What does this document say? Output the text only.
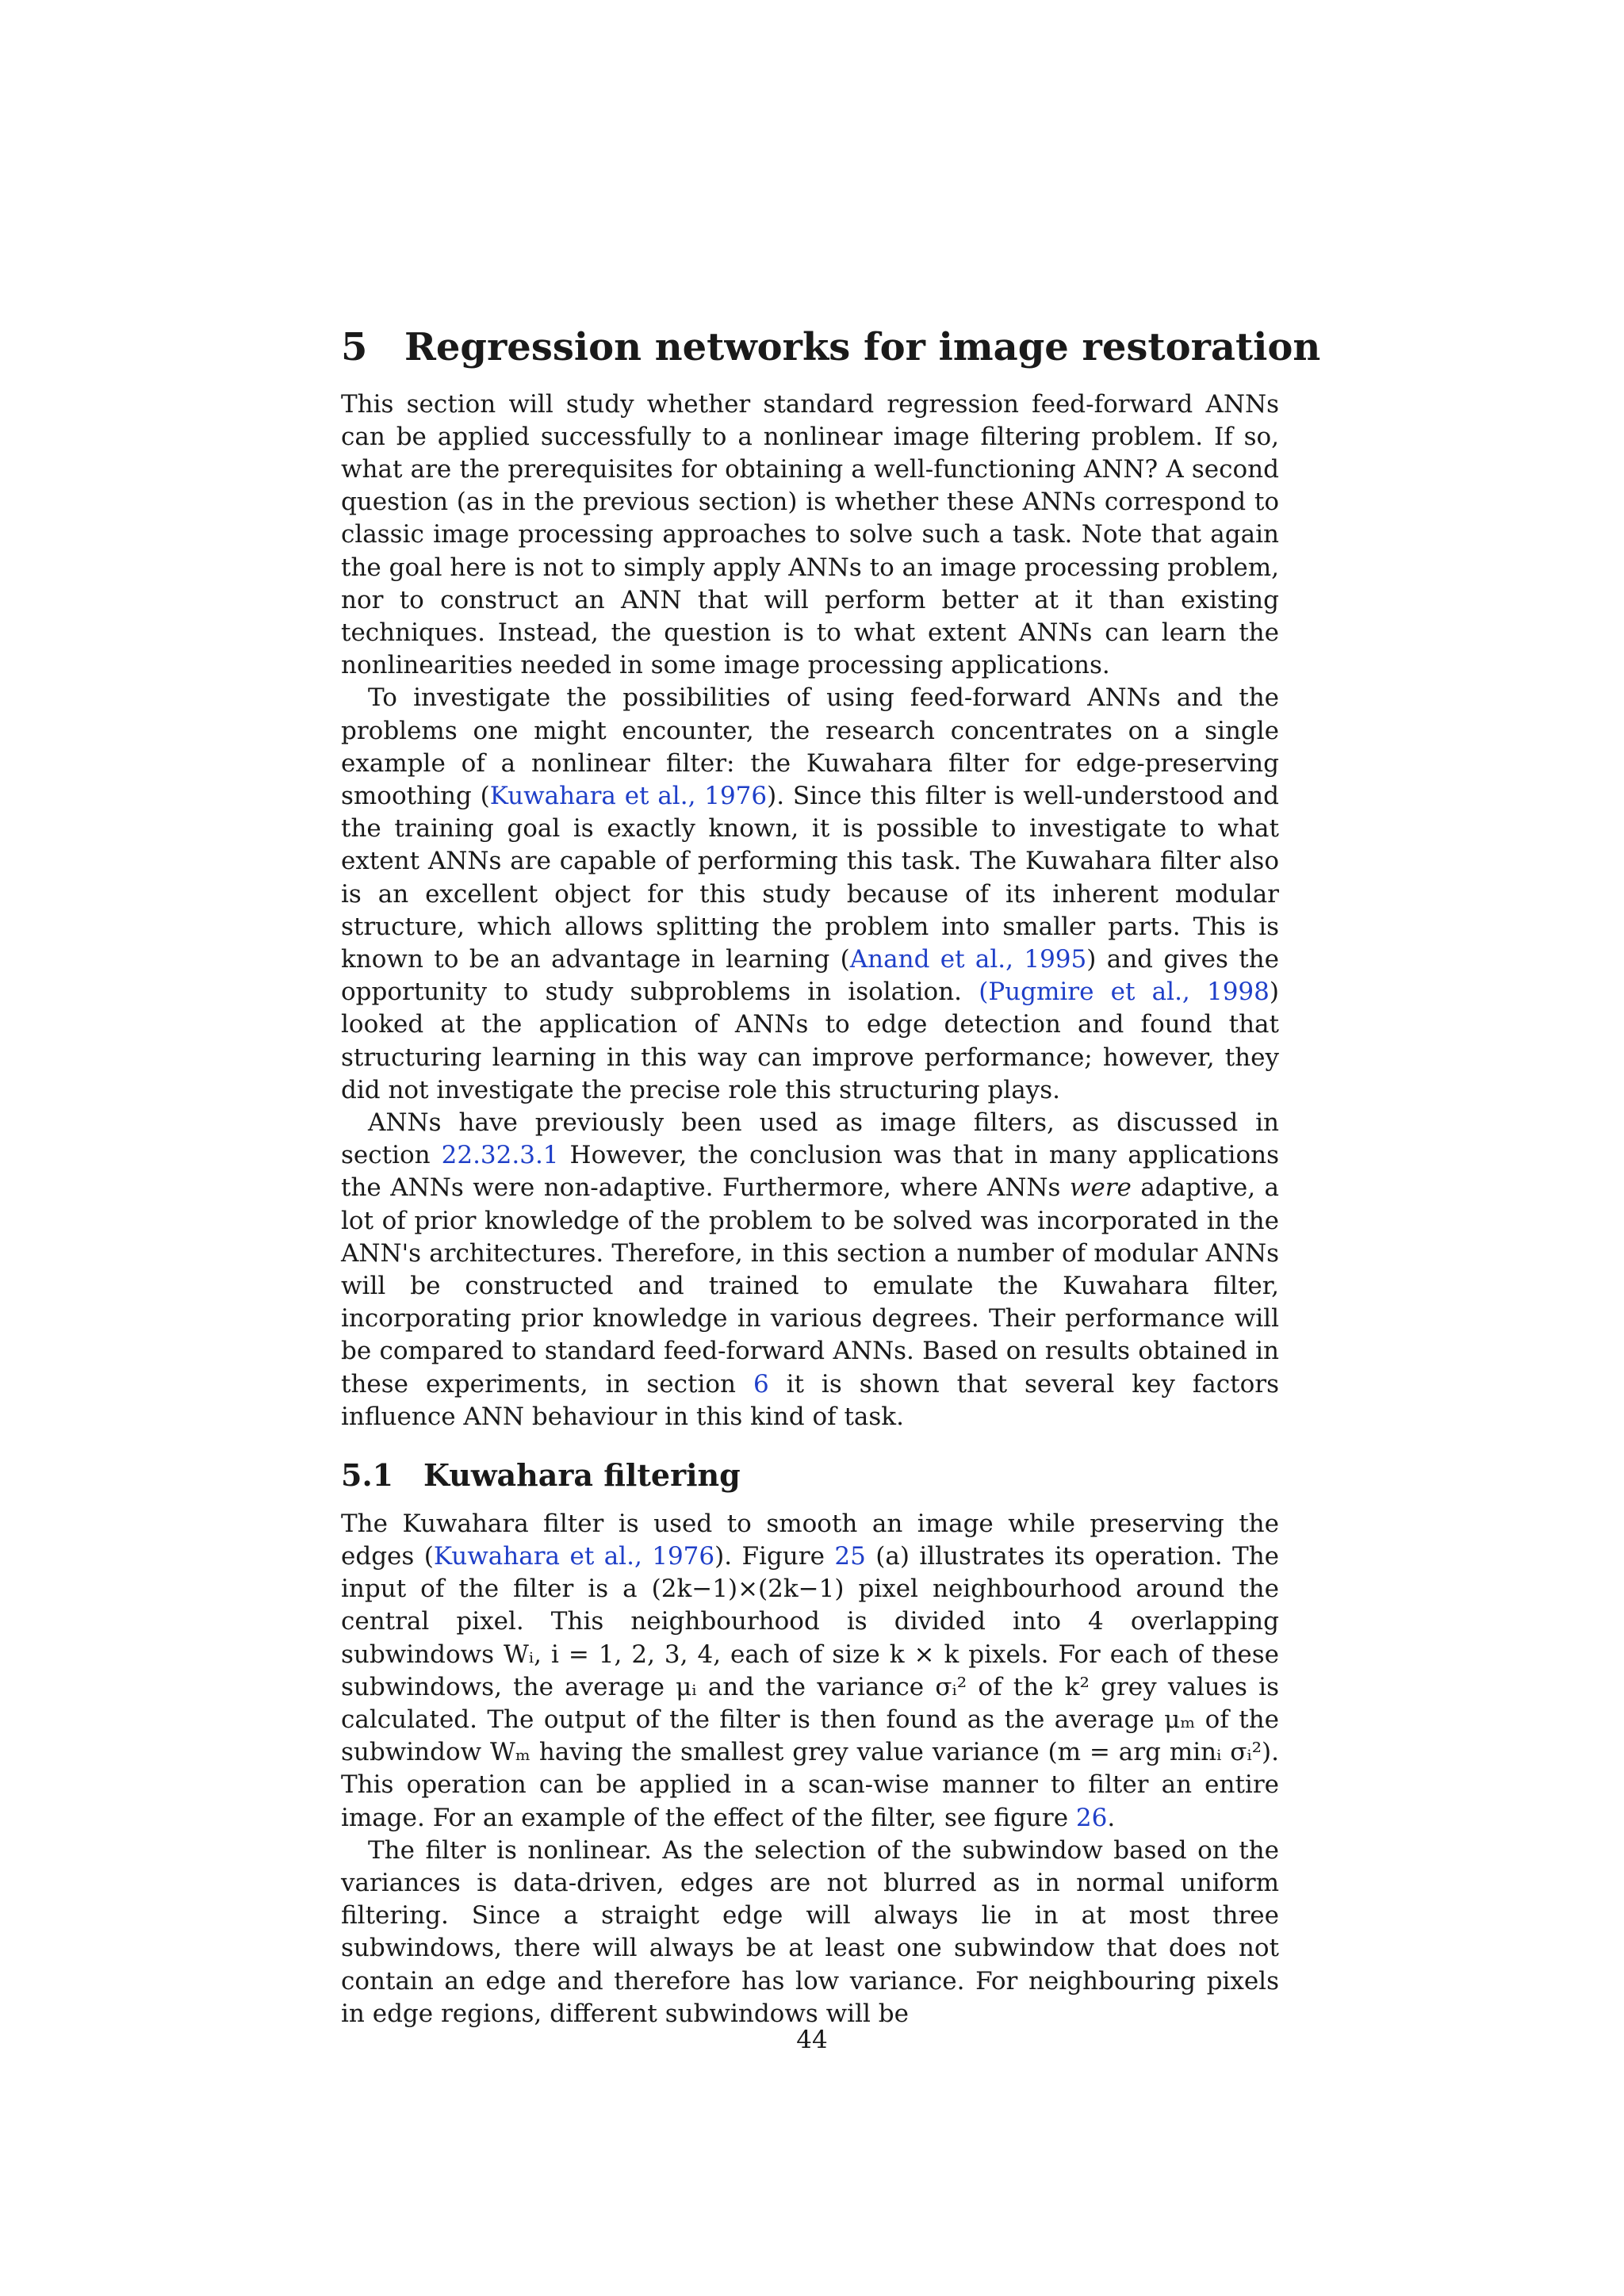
5 Regression networks for image restoration

This section will study whether standard regression feed-forward ANNs can be applied successfully to a nonlinear image filtering problem. If so, what are the prerequisites for obtaining a well-functioning ANN? A second question (as in the previous section) is whether these ANNs correspond to classic image processing approaches to solve such a task. Note that again the goal here is not to simply apply ANNs to an image processing problem, nor to construct an ANN that will perform better at it than existing techniques. Instead, the question is to what extent ANNs can learn the nonlinearities needed in some image processing applications.

To investigate the possibilities of using feed-forward ANNs and the problems one might encounter, the research concentrates on a single example of a nonlinear filter: the Kuwahara filter for edge-preserving smoothing (Kuwahara et al., 1976). Since this filter is well-understood and the training goal is exactly known, it is possible to investigate to what extent ANNs are capable of performing this task. The Kuwahara filter also is an excellent object for this study because of its inherent modular structure, which allows splitting the problem into smaller parts. This is known to be an advantage in learning (Anand et al., 1995) and gives the opportunity to study subproblems in isolation. (Pugmire et al., 1998) looked at the application of ANNs to edge detection and found that structuring learning in this way can improve performance; however, they did not investigate the precise role this structuring plays.

ANNs have previously been used as image filters, as discussed in section 22.32.3.1 However, the conclusion was that in many applications the ANNs were non-adaptive. Furthermore, where ANNs were adaptive, a lot of prior knowledge of the problem to be solved was incorporated in the ANN's architectures. Therefore, in this section a number of modular ANNs will be constructed and trained to emulate the Kuwahara filter, incorporating prior knowledge in various degrees. Their performance will be compared to standard feed-forward ANNs. Based on results obtained in these experiments, in section 6 it is shown that several key factors influence ANN behaviour in this kind of task.

5.1 Kuwahara filtering

The Kuwahara filter is used to smooth an image while preserving the edges (Kuwahara et al., 1976). Figure 25 (a) illustrates its operation. The input of the filter is a (2k−1)×(2k−1) pixel neighbourhood around the central pixel. This neighbourhood is divided into 4 overlapping subwindows Wᵢ, i = 1, 2, 3, 4, each of size k × k pixels. For each of these subwindows, the average μᵢ and the variance σᵢ² of the k² grey values is calculated. The output of the filter is then found as the average μₘ of the subwindow Wₘ having the smallest grey value variance (m = arg minᵢ σᵢ²). This operation can be applied in a scan-wise manner to filter an entire image. For an example of the effect of the filter, see figure 26.

The filter is nonlinear. As the selection of the subwindow based on the variances is data-driven, edges are not blurred as in normal uniform filtering. Since a straight edge will always lie in at most three subwindows, there will always be at least one subwindow that does not contain an edge and therefore has low variance. For neighbouring pixels in edge regions, different subwindows will be

44
